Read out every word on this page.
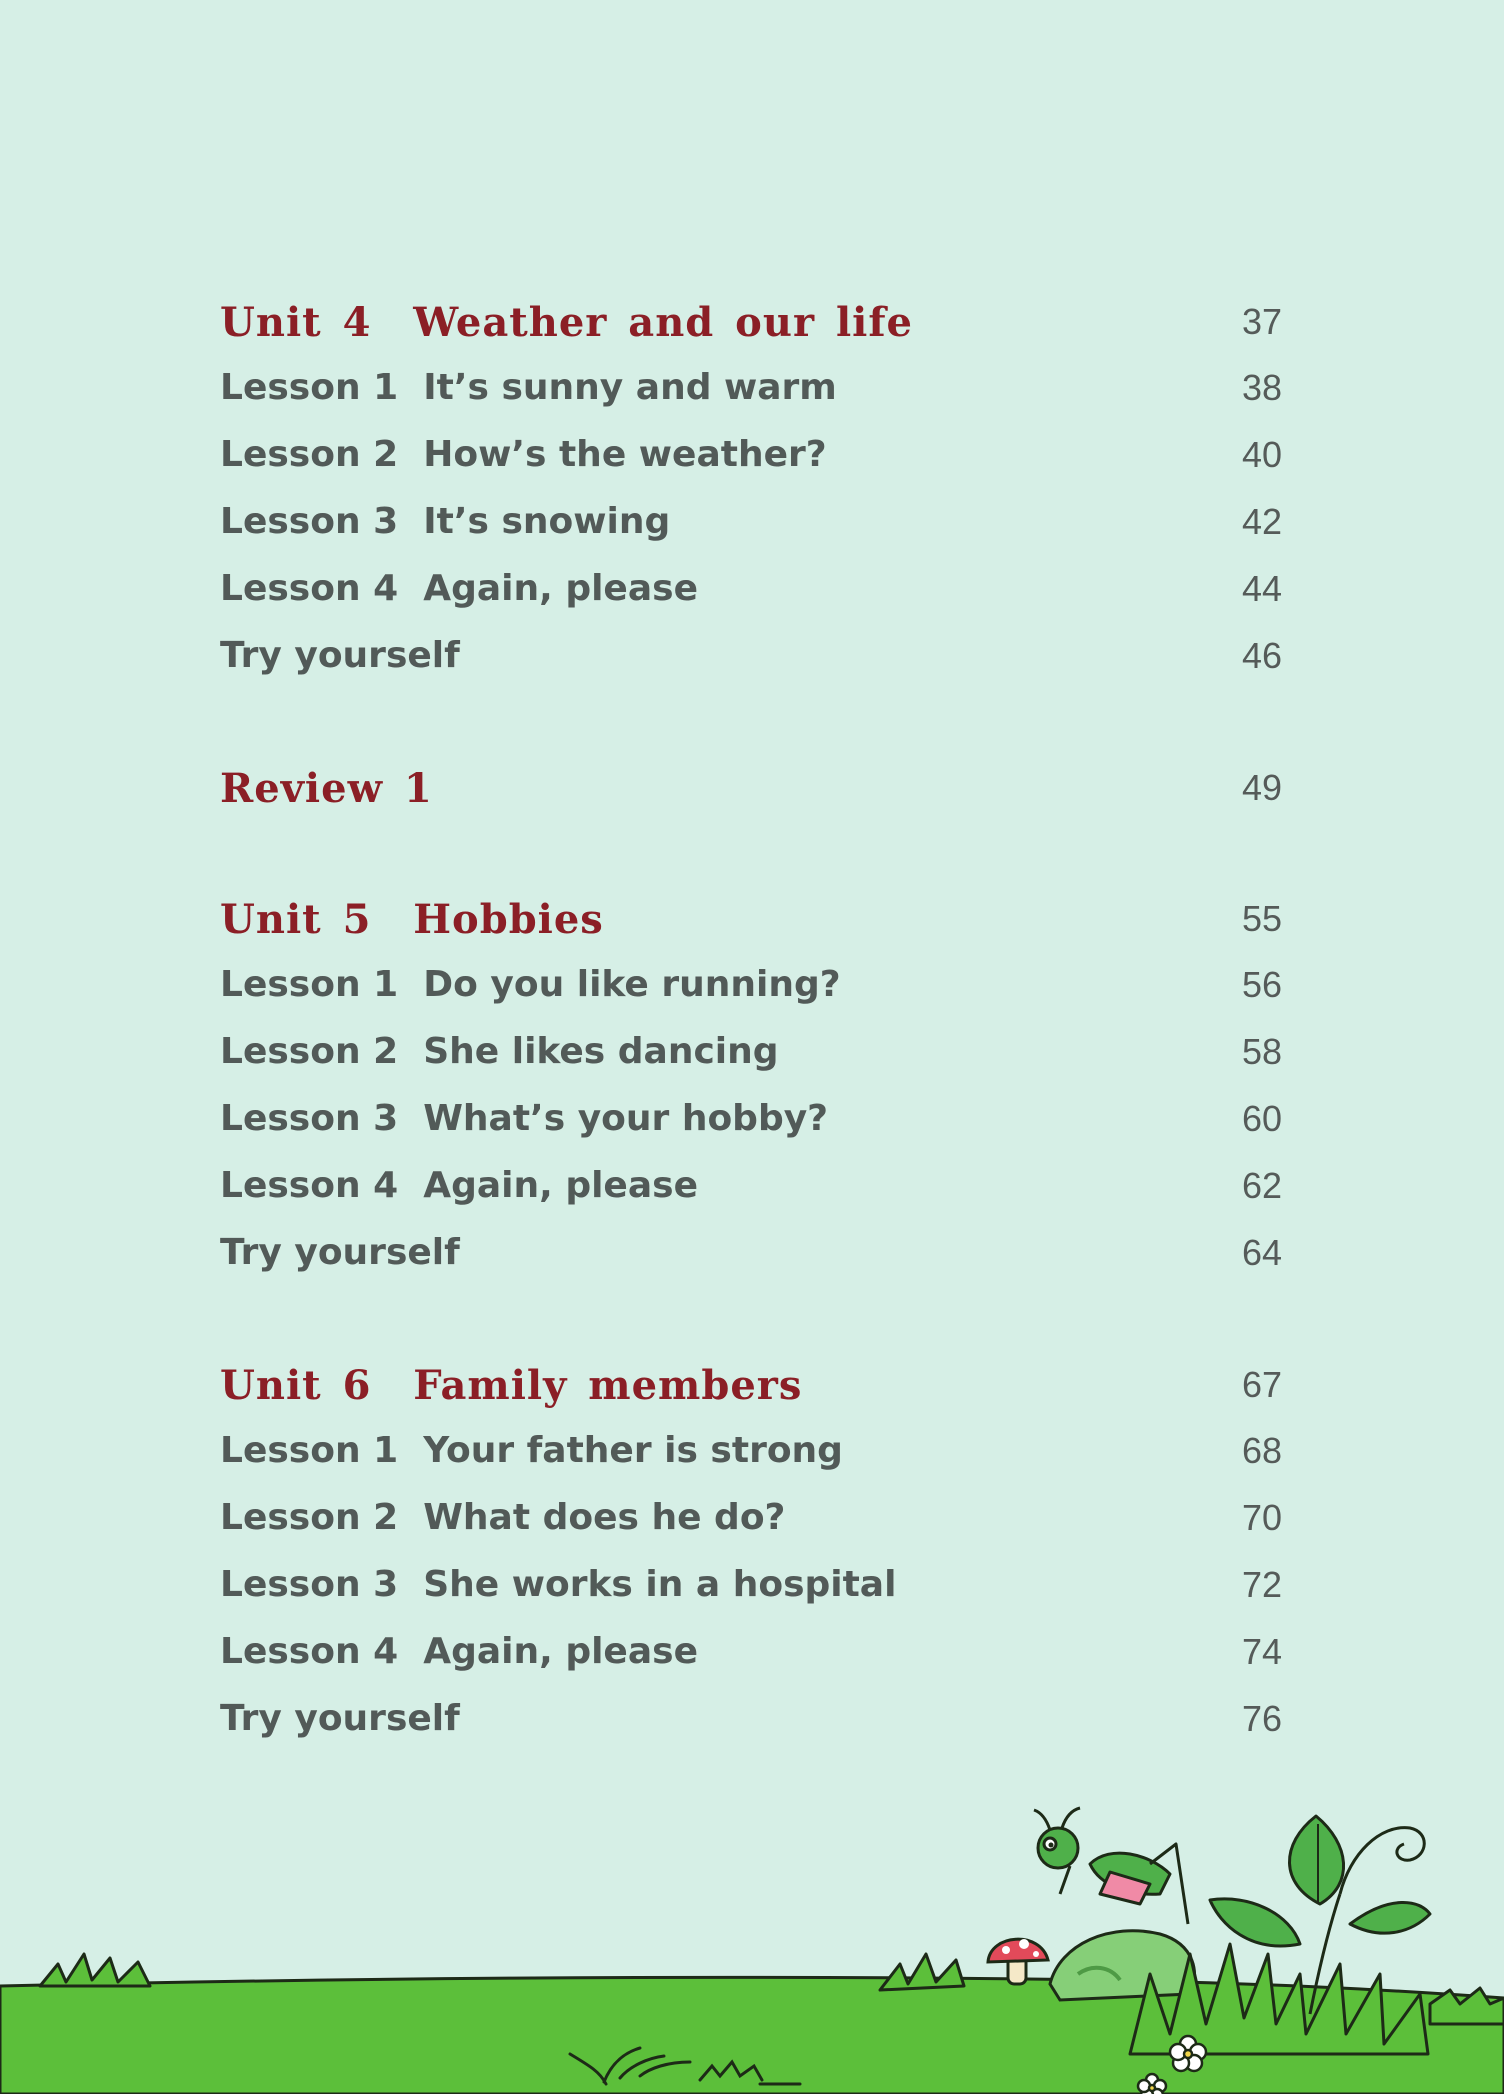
Unit 4  Weather and our life	37
Lesson 1  It’s sunny and warm	38
Lesson 2  How’s the weather?	40
Lesson 3  It’s snowing	42
Lesson 4  Again, please	44
Try yourself	46
Review 1	49
Unit 5  Hobbies	55
Lesson 1  Do you like running?	56
Lesson 2  She likes dancing	58
Lesson 3  What’s your hobby?	60
Lesson 4  Again, please	62
Try yourself	64
Unit 6  Family members	67
Lesson 1  Your father is strong	68
Lesson 2  What does he do?	70
Lesson 3  She works in a hospital	72
Lesson 4  Again, please	74
Try yourself	76
